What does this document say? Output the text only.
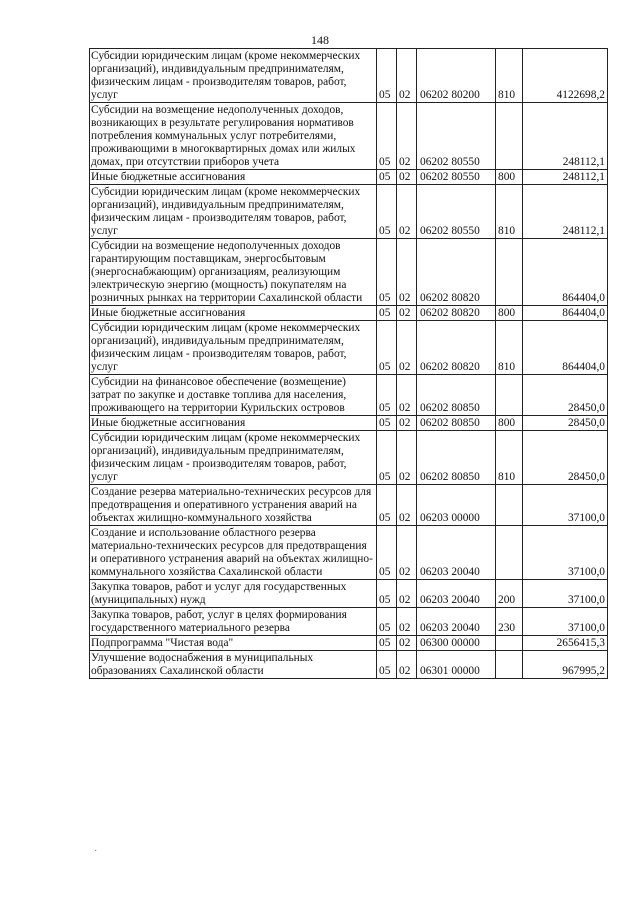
148
Субсидии юридическим лицам (кроме некоммерческих организаций), индивидуальным предпринимателям, физическим лицам - производителям товаров, работ, услуг	05	02	06202 80200	810	4122698,2
Субсидии на возмещение недополученных доходов, возникающих в результате регулирования нормативов потребления коммунальных услуг потребителями, проживающими в многоквартирных домах или жилых домах, при отсутствии приборов учета	05	02	06202 80550		248112,1
Иные бюджетные ассигнования	05	02	06202 80550	800	248112,1
Субсидии юридическим лицам (кроме некоммерческих организаций), индивидуальным предпринимателям, физическим лицам - производителям товаров, работ, услуг	05	02	06202 80550	810	248112,1
Субсидии на возмещение недополученных доходов гарантирующим поставщикам, энергосбытовым (энергоснабжающим) организациям, реализующим электрическую энергию (мощность) покупателям на розничных рынках на территории Сахалинской области	05	02	06202 80820		864404,0
Иные бюджетные ассигнования	05	02	06202 80820	800	864404,0
Субсидии юридическим лицам (кроме некоммерческих организаций), индивидуальным предпринимателям, физическим лицам - производителям товаров, работ, услуг	05	02	06202 80820	810	864404,0
Субсидии на финансовое обеспечение (возмещение) затрат по закупке и доставке топлива для населения, проживающего на территории Курильских островов	05	02	06202 80850		28450,0
Иные бюджетные ассигнования	05	02	06202 80850	800	28450,0
Субсидии юридическим лицам (кроме некоммерческих организаций), индивидуальным предпринимателям, физическим лицам - производителям товаров, работ, услуг	05	02	06202 80850	810	28450,0
Создание резерва материально-технических ресурсов для предотвращения и оперативного устранения аварий на объектах жилищно-коммунального хозяйства	05	02	06203 00000		37100,0
Создание и использование областного резерва материально-технических ресурсов для предотвращения и оперативного устранения аварий на объектах жилищно-коммунального хозяйства Сахалинской области	05	02	06203 20040		37100,0
Закупка товаров, работ и услуг для государственных (муниципальных) нужд	05	02	06203 20040	200	37100,0
Закупка товаров, работ, услуг в целях формирования государственного материального резерва	05	02	06203 20040	230	37100,0
Подпрограмма "Чистая вода"	05	02	06300 00000		2656415,3
Улучшение водоснабжения в муниципальных образованиях Сахалинской области	05	02	06301 00000		967995,2
·
